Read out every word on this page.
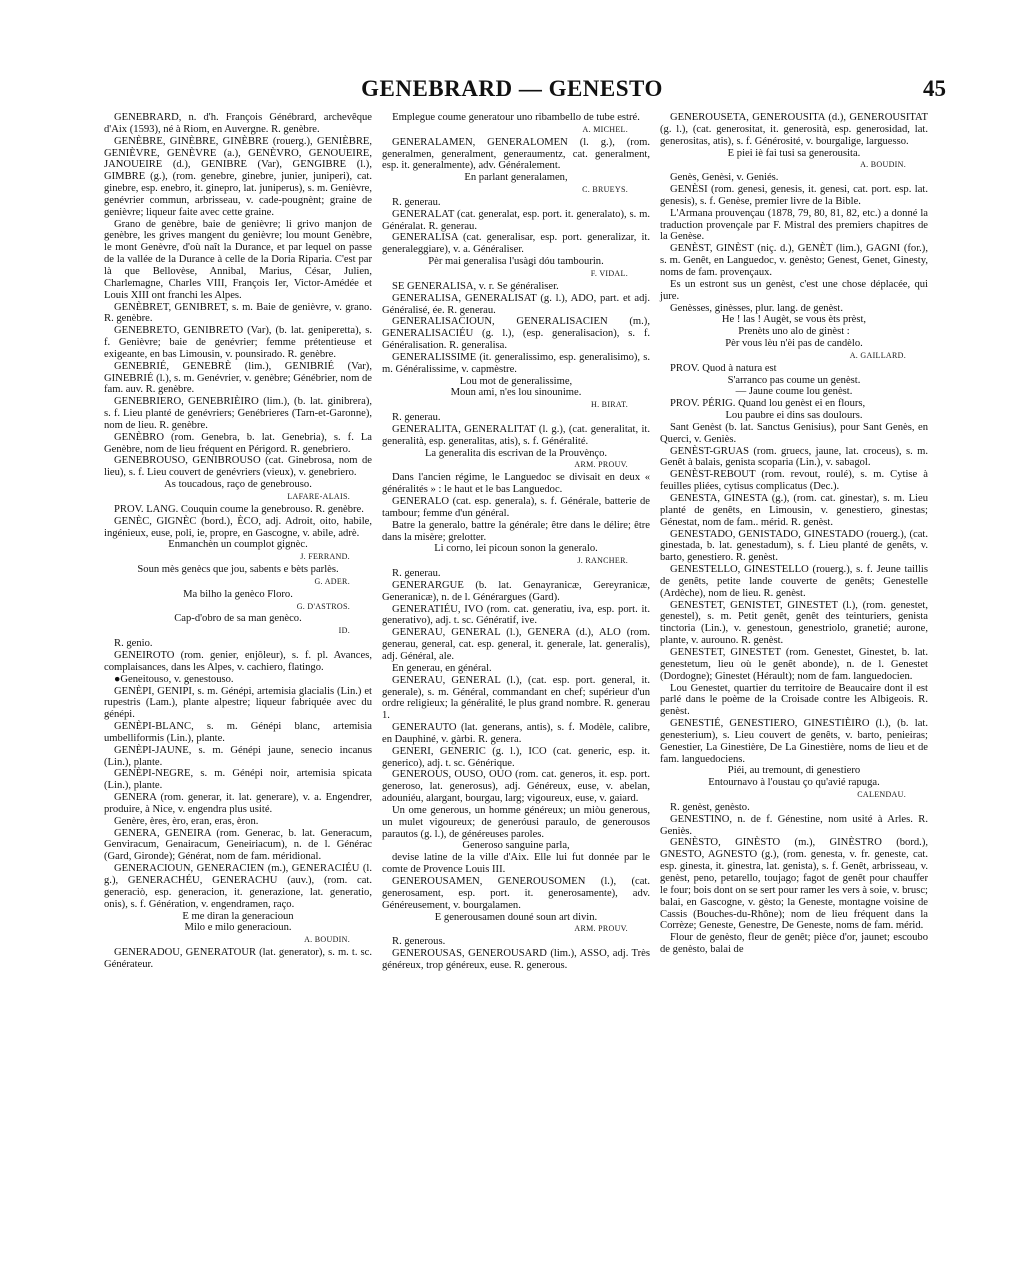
GENEBRARD — GENESTO	45

GENEBRARD, n. d'h. François Génébrard, archevêque d'Aix (1593), né à Riom, en Auvergne. R. genèbre.

GENÈBRE, GINÈBRE, GINÈBRE (rouerg.), GENIÈBRE, GENIÈVRE, GENÈVRE (a.), GENÈVRO, GENOUEIRE, JANOUEIRE (d.), GENIBRE (Var), GENGIBRE (l.), GIMBRE (g.), (rom. genebre, ginebre, junier, juniperi), cat. ginebre, esp. enebro, it. ginepro, lat. juniperus), s. m. Genièvre, genévrier commun, arbrisseau, v. cade-pougnènt; graine de genièvre; liqueur faite avec cette graine.

Grano de genèbre, baie de genièvre; li grivo manjon de genèbre, les grives mangent du genièvre; lou mount Genèbre, le mont Genèvre, d'où naît la Durance, et par lequel on passe de la vallée de la Durance à celle de la Doria Riparia. C'est par là que Bellovèse, Annibal, Marius, César, Julien, Charlemagne, Charles VIII, François Ier, Victor-Amédée et Louis XIII ont franchi les Alpes.

GENÈBRET, GENIBRET, s. m. Baie de genièvre, v. grano. R. genèbre.

GENEBRETO, GENIBRETO (Var), (b. lat. geniperetta), s. f. Genièvre; baie de genévrier; femme prétentieuse et exigeante, en bas Limousin, v. pounsirado. R. genèbre.

GENEBRIÉ, GENEBRÈ (lim.), GENIBRIÉ (Var), GINEBRIÉ (l.), s. m. Genévrier, v. genèbre; Génébrier, nom de fam. auv. R. genèbre.

GENEBRIERO, GENEBRIÈIRO (lim.), (b. lat. ginibrera), s. f. Lieu planté de genévriers; Genébrieres (Tarn-et-Garonne), nom de lieu. R. genèbre.

GENÈBRO (rom. Genebra, b. lat. Genebria), s. f. La Genèbre, nom de lieu fréquent en Périgord. R. genebriero.

GENEBROUSO, GENIBROUSO (cat. Ginebrosa, nom de lieu), s. f. Lieu couvert de genévriers (vieux), v. genebriero.

As toucadous, raço de genebrouso.

LAFARE-ALAIS.

PROV. LANG. Couquin coume la genebrouso. R. genèbre.

GENÈC, GIGNÈC (bord.), ÈCO, adj. Adroit, oito, habile, ingénieux, euse, poli, ie, propre, en Gascogne, v. abile, adrè.

Enmanchèn un coumplot gignèc.

J. FERRAND.

Soun mès genècs que jou, sabents e bèts parlès.

G. ADER.

Ma bilho la genèco Floro.

G. D'ASTROS.

Cap-d'obro de sa man genèco.

ID.

R. genio.

GENEIROTO (rom. genier, enjôleur), s. f. pl. Avances, complaisances, dans les Alpes, v. cachiero, flatingo.

●Geneitouso, v. genestouso.

GENÈPI, GENIPI, s. m. Génépi, artemisia glacialis (Lin.) et rupestris (Lam.), plante alpestre; liqueur fabriquée avec du génépi.

GENÈPI-BLANC, s. m. Génépi blanc, artemisia umbelliformis (Lin.), plante.

GENÈPI-JAUNE, s. m. Génépi jaune, senecio incanus (Lin.), plante.

GENÈPI-NEGRE, s. m. Génépi noir, artemisia spicata (Lin.), plante.

GENERA (rom. generar, it. lat. generare), v. a. Engendrer, produire, à Nice, v. engendra plus usité.

Genère, ères, èro, eran, eras, èron.

GENERA, GENEIRA (rom. Generac, b. lat. Generacum, Genviracum, Genairacum, Geneiriacum), n. de l. Générac (Gard, Gironde); Générat, nom de fam. méridional.

GENERACIOUN, GENERACIEN (m.), GENERACIÉU (l. g.), GENERACHÉU, GENERACHU (auv.), (rom. cat. generaciò, esp. generacion, it. generazione, lat. generatio, onis), s. f. Génération, v. engendramen, raço.

E me diran la generacioun

Milo e milo generacioun.

A. BOUDIN.

GENERADOU, GENERATOUR (lat. generator), s. m. t. sc. Générateur.

Emplegue coume generatour uno ribambello de tube estré.

A. MICHEL.

GENERALAMEN, GENERALOMEN (l. g.), (rom. generalmen, generalment, generaumentz, cat. generalment, esp. it. generalmente), adv. Généralement.

En parlant generalamen,

C. BRUEYS.

R. generau.

GENERALAT (cat. generalat, esp. port. it. generalato), s. m. Généralat. R. generau.

GENERALISA (cat. generalisar, esp. port. generalizar, it. generaleggiare), v. a. Généraliser.

Pèr mai generalisa l'usàgi dóu tambourin.

F. VIDAL.

SE GENERALISA, v. r. Se généraliser.

GENERALISA, GENERALISAT (g. l.), ADO, part. et adj. Généralisé, ée. R. generau.

GENERALISACIOUN, GENERALISACIEN (m.), GENERALISACIÉU (g. l.), (esp. generalisacion), s. f. Généralisation. R. generalisa.

GENERALISSIME (it. generalissimo, esp. generalisimo), s. m. Généralissime, v. capmèstre.

Lou mot de generalissime,

Moun ami, n'es lou sinounime.

H. BIRAT.

R. generau.

GENERALITA, GENERALITAT (l. g.), (cat. generalitat, it. generalità, esp. generalitas, atis), s. f. Généralité.

La generalita dis escrivan de la Prouvènço.

ARM. PROUV.

Dans l'ancien régime, le Languedoc se divisait en deux « généralités » : le haut et le bas Languedoc.

GENERALO (cat. esp. generala), s. f. Générale, batterie de tambour; femme d'un général.

Batre la generalo, battre la générale; être dans le délire; être dans la misère; grelotter.

Li corno, lei picoun sonon la generalo.

J. RANCHER.

R. generau.

GENERARGUE (b. lat. Genayranicæ, Gereyranicæ, Generanicæ), n. de l. Générargues (Gard).

GENERATIÉU, IVO (rom. cat. generatiu, iva, esp. port. it. generativo), adj. t. sc. Génératif, ive.

GENERAU, GENERAL (l.), GENERA (d.), ALO (rom. generau, general, cat. esp. general, it. generale, lat. generalis), adj. Général, ale.

En generau, en général.

GENERAU, GENERAL (l.), (cat. esp. port. general, it. generale), s. m. Général, commandant en chef; supérieur d'un ordre religieux; la généralité, le plus grand nombre. R. generau 1.

GENERAUTO (lat. generans, antis), s. f. Modèle, calibre, en Dauphiné, v. gàrbi. R. genera.

GENERI, GENERIC (g. l.), ICO (cat. generic, esp. it. generico), adj. t. sc. Générique.

GENEROUS, OUSO, OUO (rom. cat. generos, it. esp. port. generoso, lat. generosus), adj. Généreux, euse, v. abelan, adouniéu, alargant, bourgau, larg; vigoureux, euse, v. gaiard.

Un ome generous, un homme généreux; un miòu generous, un mulet vigoureux; de generóusi paraulo, de generousos parautos (g. l.), de généreuses paroles.

Generoso sanguine parla,

devise latine de la ville d'Aix. Elle lui fut donnée par le comte de Provence Louis III.

GENEROUSAMEN, GENEROUSOMEN (l.), (cat. generosament, esp. port. it. generosamente), adv. Généreusement, v. bourgalamen.

E generousamen douné soun art divin.

ARM. PROUV.

R. generous.

GENEROUSAS, GENEROUSARD (lim.), ASSO, adj. Très généreux, trop généreux, euse. R. generous.

GENEROUSETA, GENEROUSITA (d.), GENEROUSITAT (g. l.), (cat. generositat, it. generosità, esp. generosidad, lat. generositas, atis), s. f. Générosité, v. bourgalige, larguesso.

E piei iè fai tusi sa generousita.

A. BOUDIN.

Genès, Genèsi, v. Geniés.

GENÈSI (rom. genesi, genesis, it. genesi, cat. port. esp. lat. genesis), s. f. Genèse, premier livre de la Bible.

L'Armana prouvençau (1878, 79, 80, 81, 82, etc.) a donné la traduction provençale par F. Mistral des premiers chapitres de la Genèse.

GENÈST, GINÈST (niç. d.), GENÈT (lim.), GAGNI (for.), s. m. Genêt, en Languedoc, v. genèsto; Genest, Genet, Ginesty, noms de fam. provençaux.

Es un estront sus un genèst, c'est une chose déplacée, qui jure.

Genèsses, ginèsses, plur. lang. de genèst.

He ! las ! Augèt, se vous èts prèst,

Prenèts uno alo de ginèst :

Pèr vous lèu n'èi pas de candèlo.

A. GAILLARD.

PROV. Quod à natura est

S'arranco pas coume un genèst.

— Jaune coume lou genèst.

PROV. PÉRIG. Quand lou genèst ei en flours,

Lou paubre ei dins sas doulours.

Sant Genèst (b. lat. Sanctus Genisius), pour Sant Genès, en Querci, v. Geniès.

GENÈST-GRUAS (rom. gruecs, jaune, lat. croceus), s. m. Genêt à balais, genista scoparia (Lin.), v. sabagol.

GENÈST-REBOUT (rom. revout, roulé), s. m. Cytise à feuilles pliées, cytisus complicatus (Dec.).

GENESTA, GINESTA (g.), (rom. cat. ginestar), s. m. Lieu planté de genêts, en Limousin, v. genestiero, ginestas; Génestat, nom de fam.. mérid. R. genèst.

GENESTADO, GENISTADO, GINESTADO (rouerg.), (cat. ginestada, b. lat. genestadum), s. f. Lieu planté de genêts, v. barto, genestiero. R. genèst.

GENESTELLO, GINESTELLO (rouerg.), s. f. Jeune taillis de genêts, petite lande couverte de genêts; Genestelle (Ardèche), nom de lieu. R. genèst.

GENESTET, GENISTET, GINESTET (l.), (rom. genestet, genestel), s. m. Petit genêt, genêt des teinturiers, genista tinctoria (Lin.), v. genestoun, genestriolo, granetié; aurone, plante, v. aurouno. R. genèst.

GENESTET, GINESTET (rom. Genestet, Ginestet, b. lat. genestetum, lieu où le genêt abonde), n. de l. Genestet (Dordogne); Ginestet (Hérault); nom de fam. languedocien.

Lou Genestet, quartier du territoire de Beaucaire dont il est parlé dans le poème de la Croisade contre les Albigeois. R. genèst.

GENESTIÉ, GENESTIERO, GINESTIÈIRO (l.), (b. lat. genesterium), s. Lieu couvert de genêts, v. barto, penieiras; Genestier, La Ginestière, De La Ginestière, noms de lieu et de fam. languedociens.

Piéi, au tremount, di genestiero

Entournavo à l'oustau ço qu'avié rapuga.

CALENDAU.

R. genèst, genèsto.

GENESTINO, n. de f. Génestine, nom usité à Arles. R. Geniès.

GENÈSTO, GINÈSTO (m.), GINÈSTRO (bord.), GNESTO, AGNESTO (g.), (rom. genesta, v. fr. geneste, cat. esp. ginesta, it. ginestra, lat. genista), s. f. Genêt, arbrisseau, v. genèst, peno, petarello, toujago; fagot de genêt pour chauffer le four; bois dont on se sert pour ramer les vers à soie, v. brusc; balai, en Gascogne, v. gèsto; la Geneste, montagne voisine de Cassis (Bouches-du-Rhône); nom de lieu fréquent dans la Corrèze; Geneste, Genestre, De Geneste, noms de fam. mérid.

Flour de genèsto, fleur de genêt; pièce d'or, jaunet; escoubo de genèsto, balai de
